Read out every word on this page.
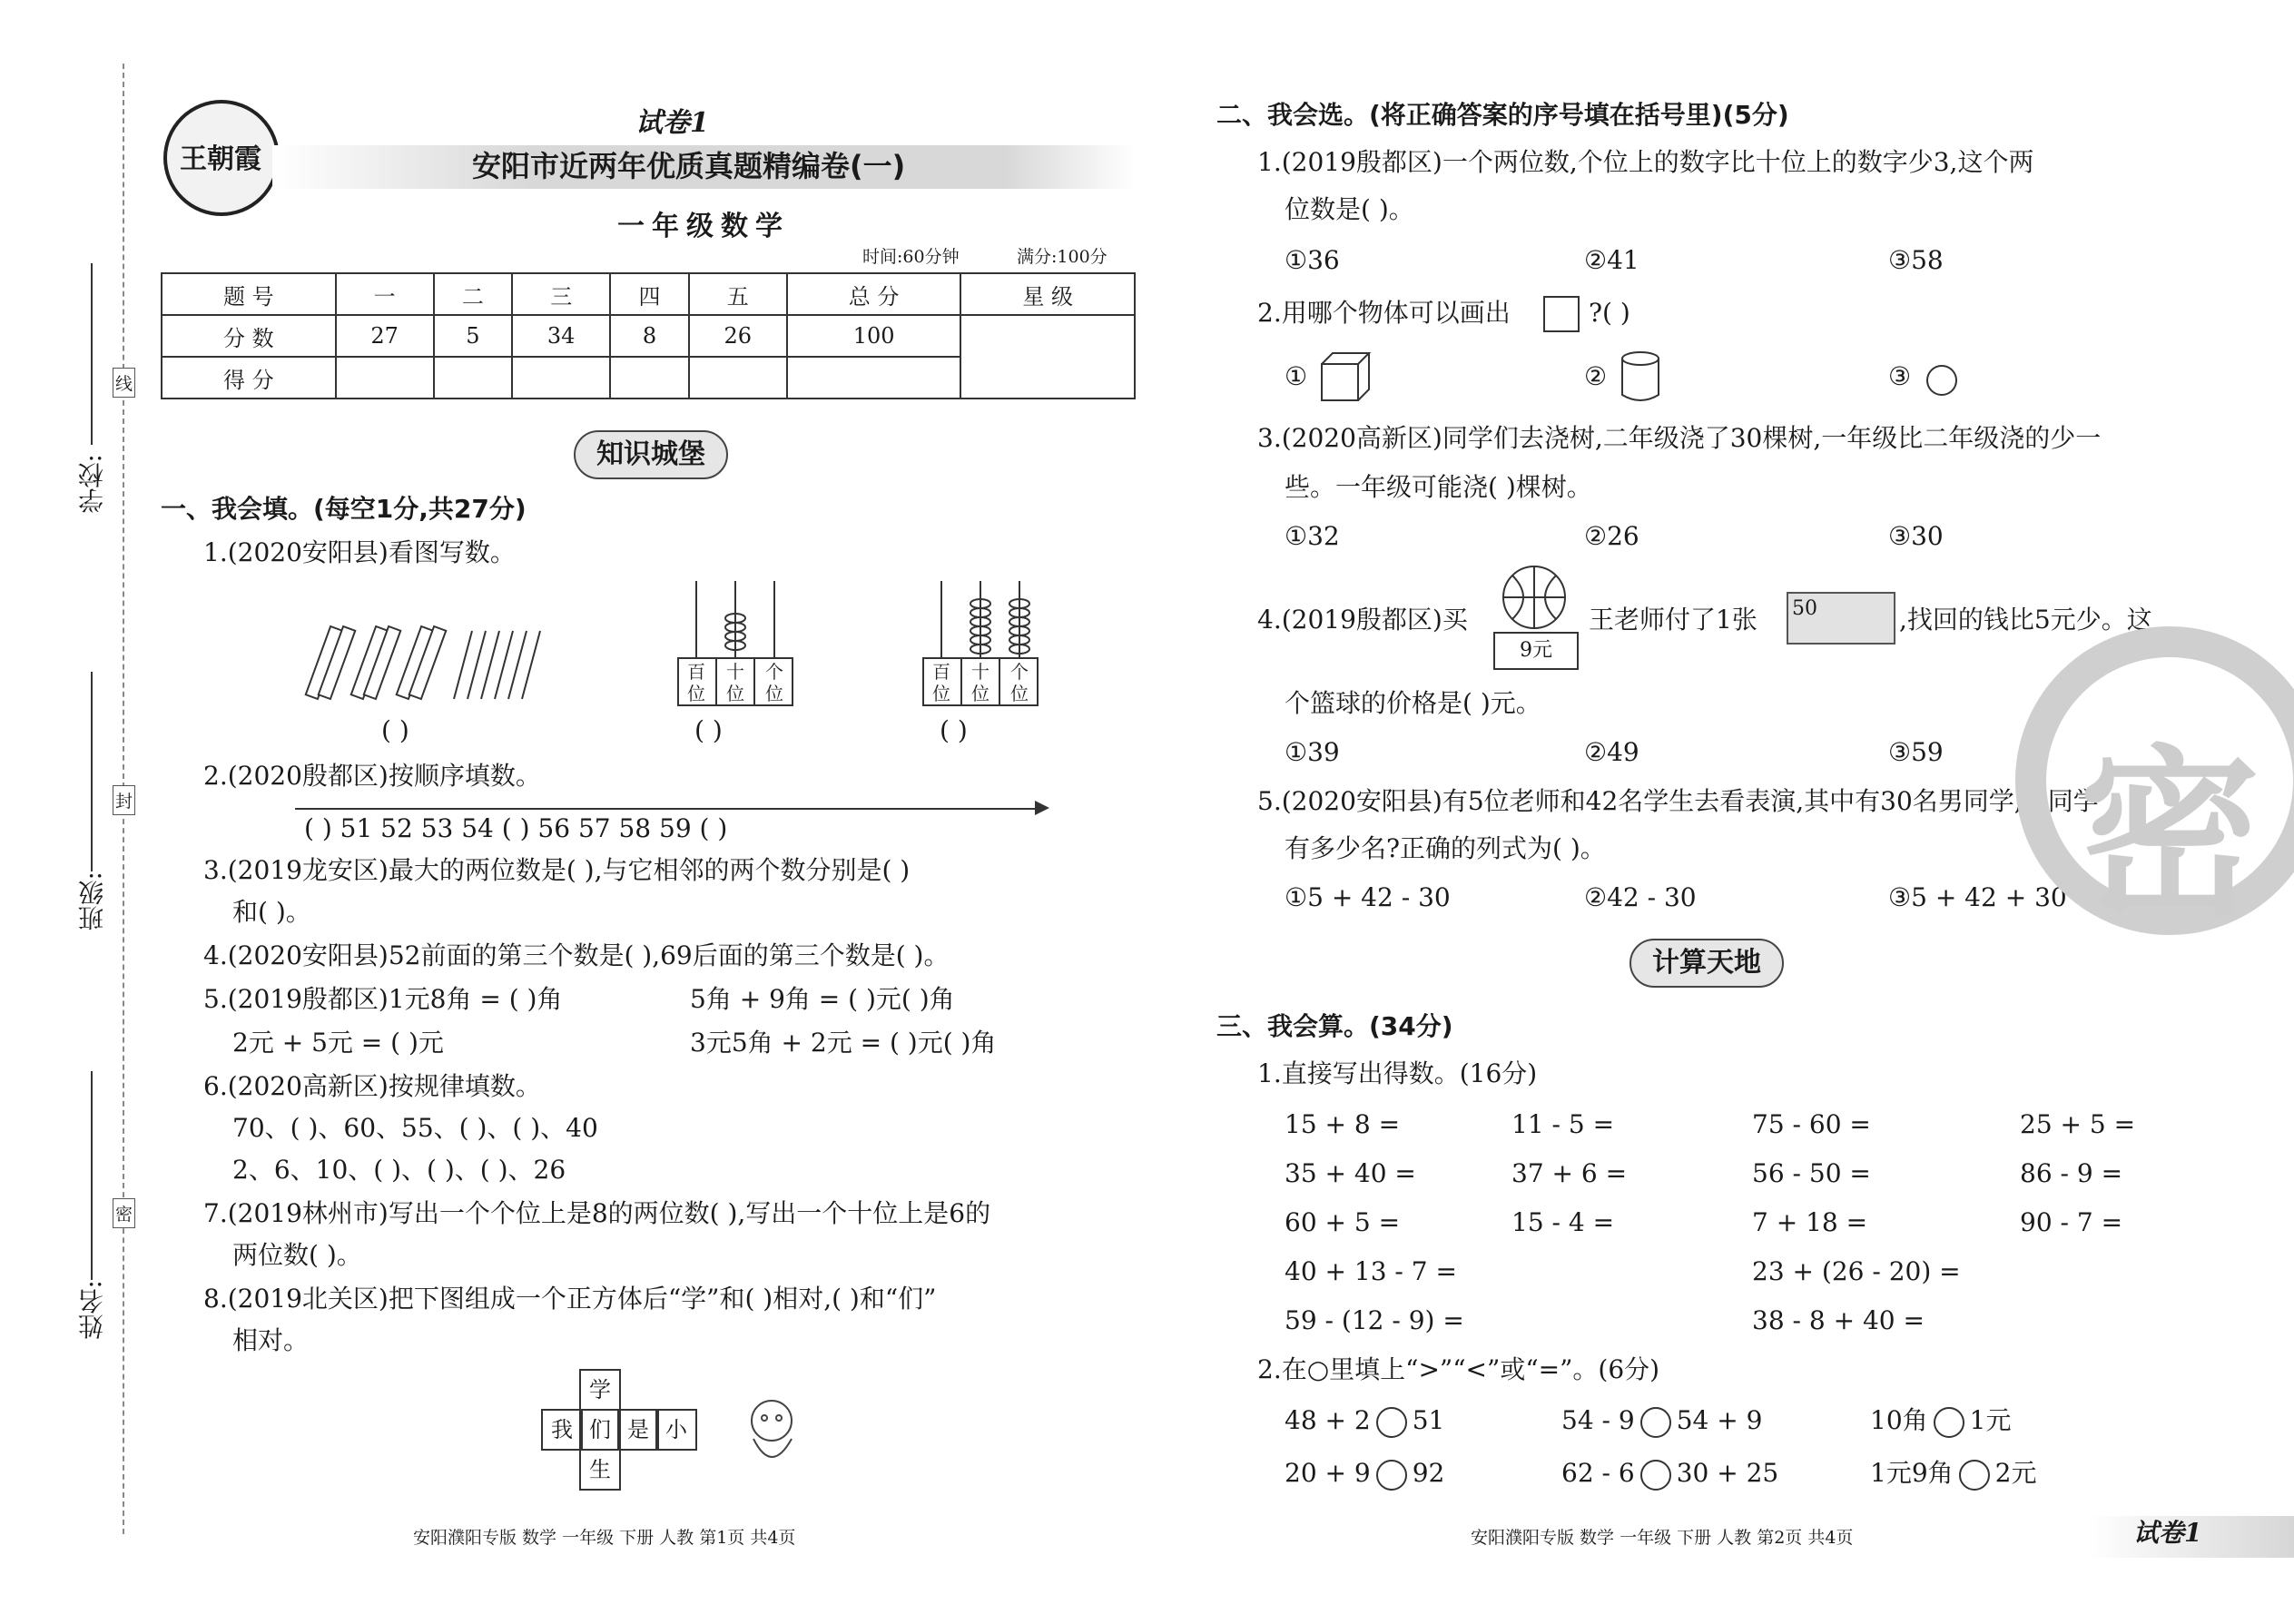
学校:
班级:
姓名:
线
封
密
王朝霞
试卷1
安阳市近两年优质真题精编卷(一)
一年级数学
时间:60分钟	满分:100分
题 号	一	二	三	四	五	总 分	星 级
分 数	27	5	34	8	26	100	
得 分							
知识城堡
一、我会填。(每空1分,共27分)
1.(2020安阳县)看图写数。
百
位
十
位
个
位
百
位
十
位
个
位
( )	( )	( )
2.(2020殷都区)按顺序填数。
( ) 51 52 53 54 ( ) 56 57 58 59 ( )
3.(2019龙安区)最大的两位数是( ),与它相邻的两个数分别是( )
和( )。
4.(2020安阳县)52前面的第三个数是( ),69后面的第三个数是( )。
5.(2019殷都区)1元8角 = ( )角	5角 + 9角 = ( )元( )角
2元 + 5元 = ( )元	3元5角 + 2元 = ( )元( )角
6.(2020高新区)按规律填数。
70、( )、60、55、( )、( )、40
2、6、10、( )、( )、( )、26
7.(2019林州市)写出一个个位上是8的两位数( ),写出一个十位上是6的
两位数( )。
8.(2019北关区)把下图组成一个正方体后“学”和( )相对,( )和“们”
相对。
学
我 们 是 小
生
安阳濮阳专版 数学 一年级 下册 人教 第1页 共4页
二、我会选。(将正确答案的序号填在括号里)(5分)
1.(2019殷都区)一个两位数,个位上的数字比十位上的数字少3,这个两
位数是( )。
①36	②41	③58
2.用哪个物体可以画出	?( )
①	②	③
3.(2020高新区)同学们去浇树,二年级浇了30棵树,一年级比二年级浇的少一
些。一年级可能浇( )棵树。
①32	②26	③30
4.(2019殷都区)买
9元
王老师付了1张 50	,找回的钱比5元少。这
个篮球的价格是( )元。
①39	②49	③59
5.(2020安阳县)有5位老师和42名学生去看表演,其中有30名男同学,女同学
有多少名?正确的列式为( )。
①5 + 42 - 30	②42 - 30	③5 + 42 + 30 密
计算天地
三、我会算。(34分)
1.直接写出得数。(16分)
15 + 8 =	11 - 5 =	75 - 60 =	25 + 5 =
35 + 40 =	37 + 6 =	56 - 50 =	86 - 9 =
60 + 5 =	15 - 4 =	7 + 18 =	90 - 7 =
40 + 13 - 7 =	23 + (26 - 20) =
59 - (12 - 9) =	38 - 8 + 40 =
2.在○里填上“>”“<”或“=”。(6分)
48 + 2 51	54 - 9 54 + 9	10角 1元
20 + 9 92	62 - 6 30 + 25	1元9角 2元
安阳濮阳专版 数学 一年级 下册 人教 第2页 共4页	试卷1
